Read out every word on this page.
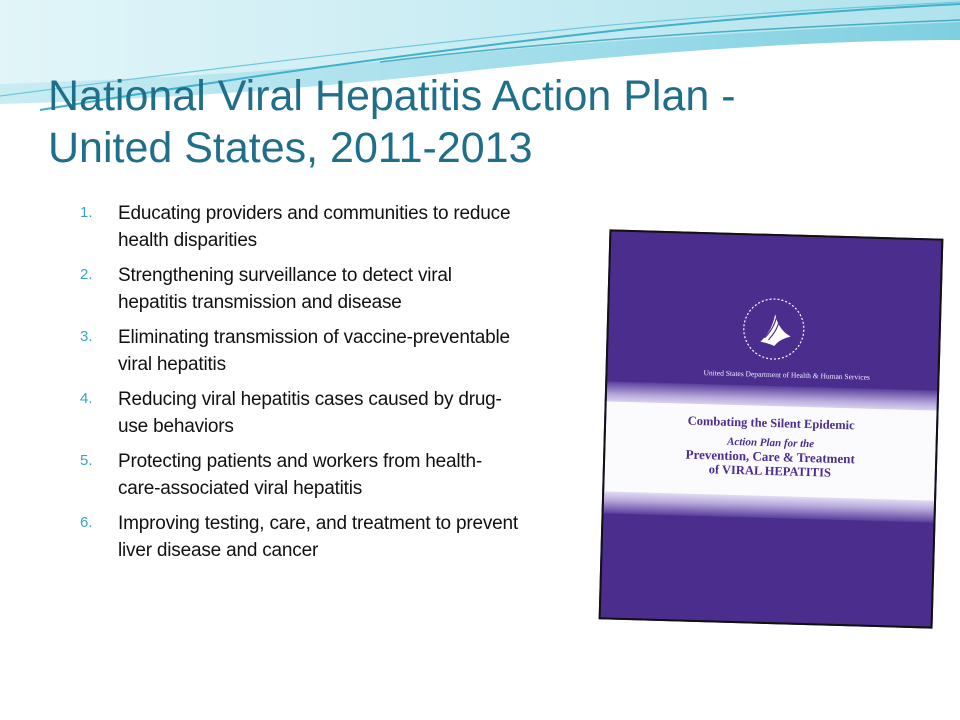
National Viral Hepatitis Action Plan -
United States, 2011-2013
1. Educating providers and communities to reduce
health disparities
2. Strengthening surveillance to detect viral
hepatitis transmission and disease
3. Eliminating transmission of vaccine-preventable
viral hepatitis
4. Reducing viral hepatitis cases caused by drug-
use behaviors
5. Protecting patients and workers from health-
care-associated viral hepatitis
6. Improving testing, care, and treatment to prevent
liver disease and cancer
United States Department of Health & Human Services
Combating the Silent Epidemic
Action Plan for the
Prevention, Care & Treatment
of VIRAL HEPATITIS
